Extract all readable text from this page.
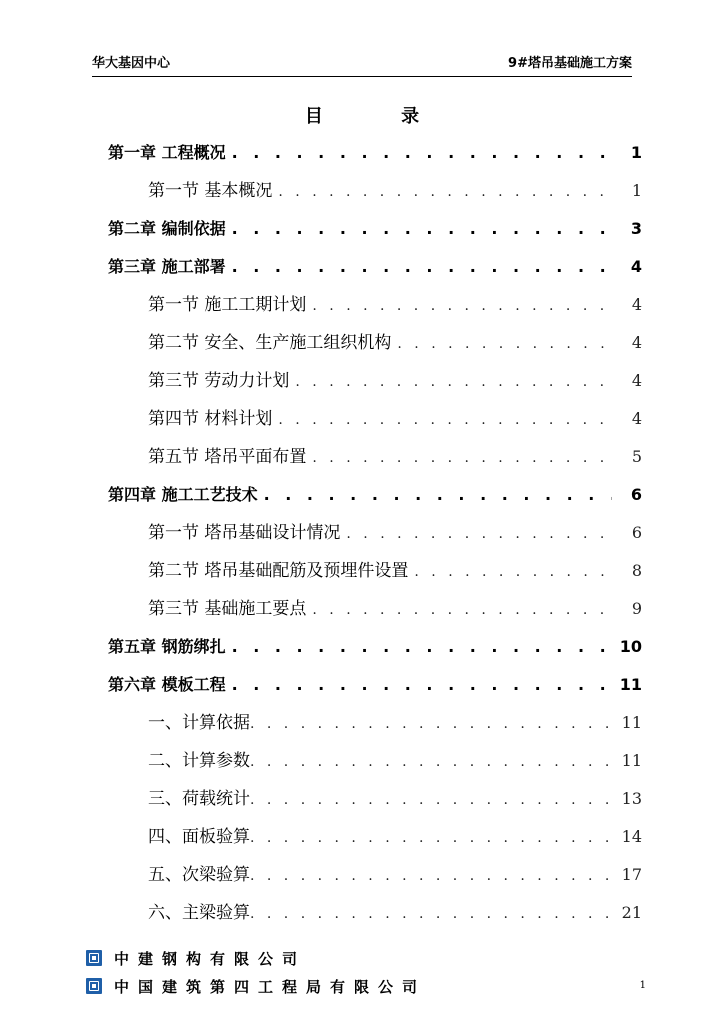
华大基因中心	9#塔吊基础施工方案
目 录
第一章 工程概况 . . .	1
第一节 基本概况 . . .	1
第二章 编制依据 . . .	3
第三章 施工部署 . . .	4
第一节 施工工期计划 . . .	4
第二节 安全、生产施工组织机构 . . .	4
第三节 劳动力计划 . . .	4
第四节 材料计划 . . .	4
第五节 塔吊平面布置 . . .	5
第四章 施工工艺技术 . . .	6
第一节 塔吊基础设计情况 . . .	6
第二节 塔吊基础配筋及预埋件设置 . . .	8
第三节 基础施工要点 . . .	9
第五章 钢筋绑扎 . . .	10
第六章 模板工程 . . .	11
一、计算依据 . . .	11
二、计算参数 . . .	11
三、荷载统计 . . .	13
四、面板验算 . . .	14
五、次梁验算 . . .	17
六、主梁验算 . . .	21
中建钢构有限公司
中国建筑第四工程局有限公司	1
